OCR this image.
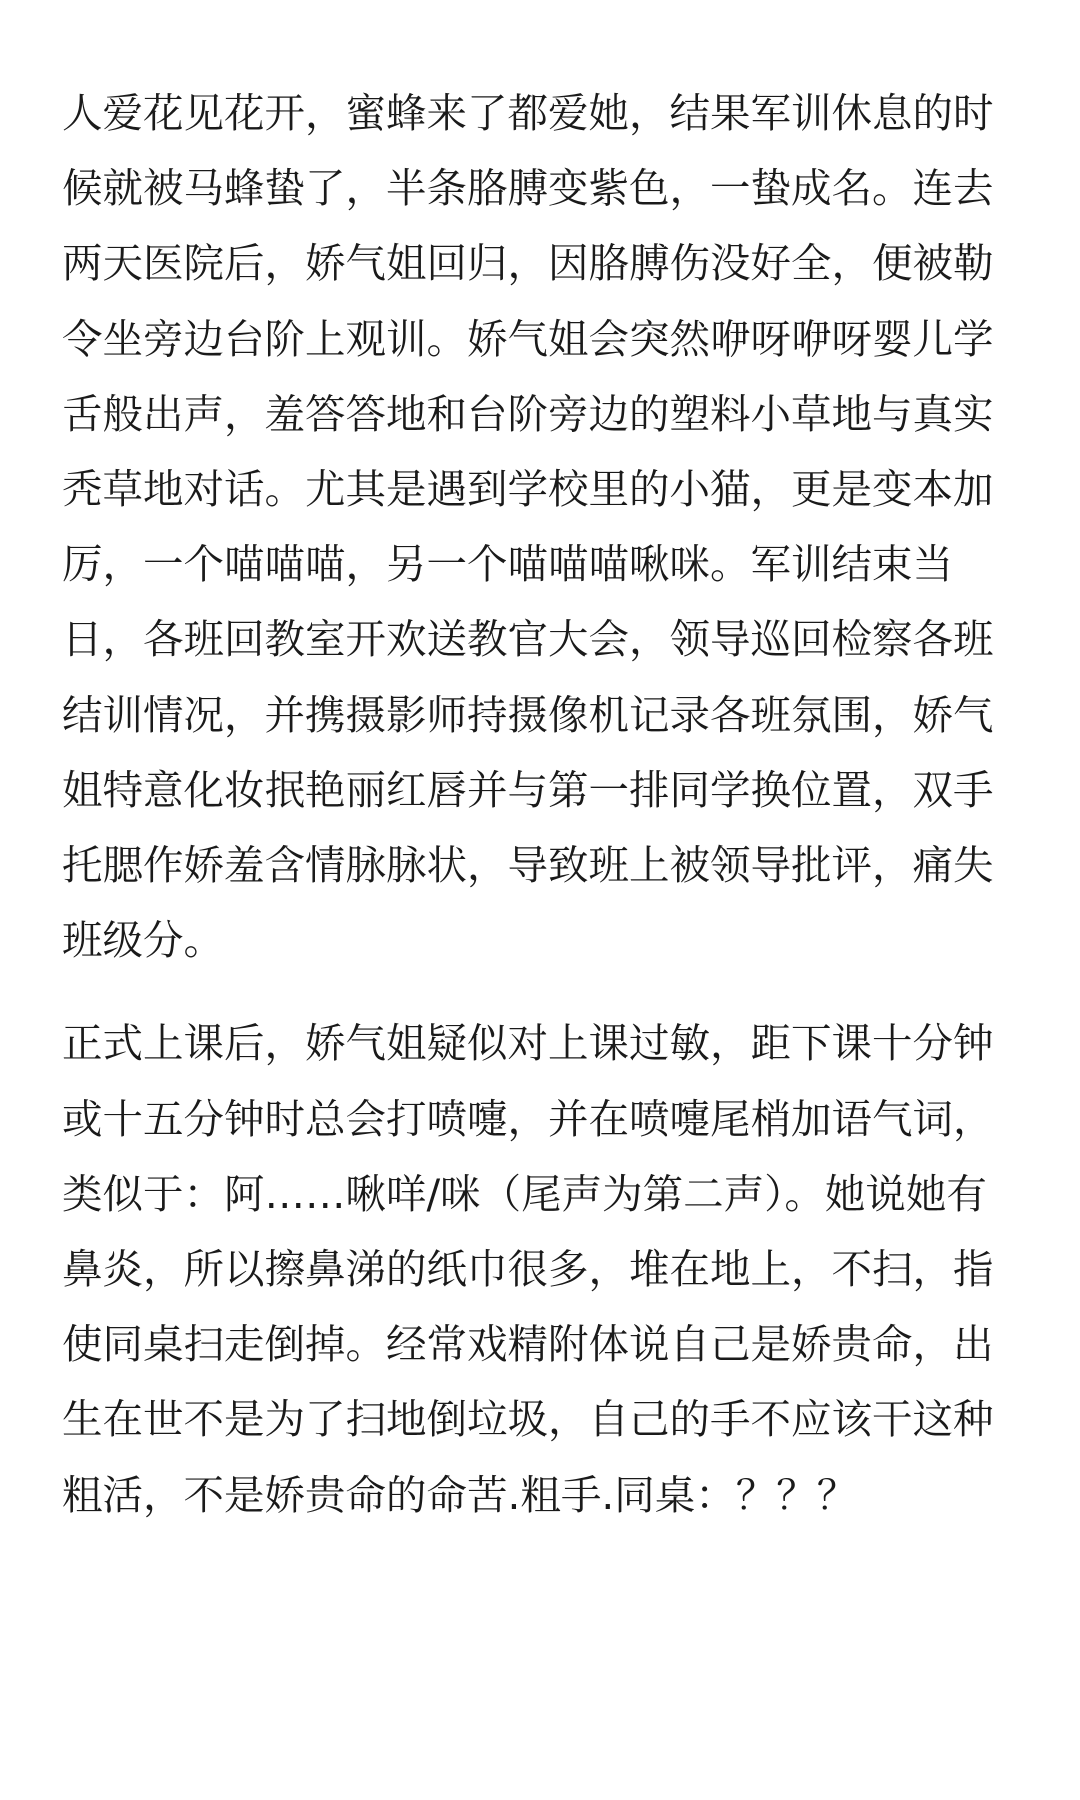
人爱花见花开，蜜蜂来了都爱她，结果军训休息的时候就被马蜂蛰了，半条胳膊变紫色，一蛰成名。连去两天医院后，娇气姐回归，因胳膊伤没好全，便被勒令坐旁边台阶上观训。娇气姐会突然咿呀咿呀婴儿学舌般出声，羞答答地和台阶旁边的塑料小草地与真实秃草地对话。尤其是遇到学校里的小猫，更是变本加厉，一个喵喵喵，另一个喵喵喵啾咪。军训结束当日，各班回教室开欢送教官大会，领导巡回检察各班结训情况，并携摄影师持摄像机记录各班氛围，娇气姐特意化妆抿艳丽红唇并与第一排同学换位置，双手托腮作娇羞含情脉脉状，导致班上被领导批评，痛失班级分。

正式上课后，娇气姐疑似对上课过敏，距下课十分钟或十五分钟时总会打喷嚏，并在喷嚏尾梢加语气词，类似于：阿……啾咩/咪（尾声为第二声）。她说她有鼻炎，所以擦鼻涕的纸巾很多，堆在地上，不扫，指使同桌扫走倒掉。经常戏精附体说自己是娇贵命，出生在世不是为了扫地倒垃圾，自己的手不应该干这种粗活，不是娇贵命的命苦.粗手.同桌：？？？
